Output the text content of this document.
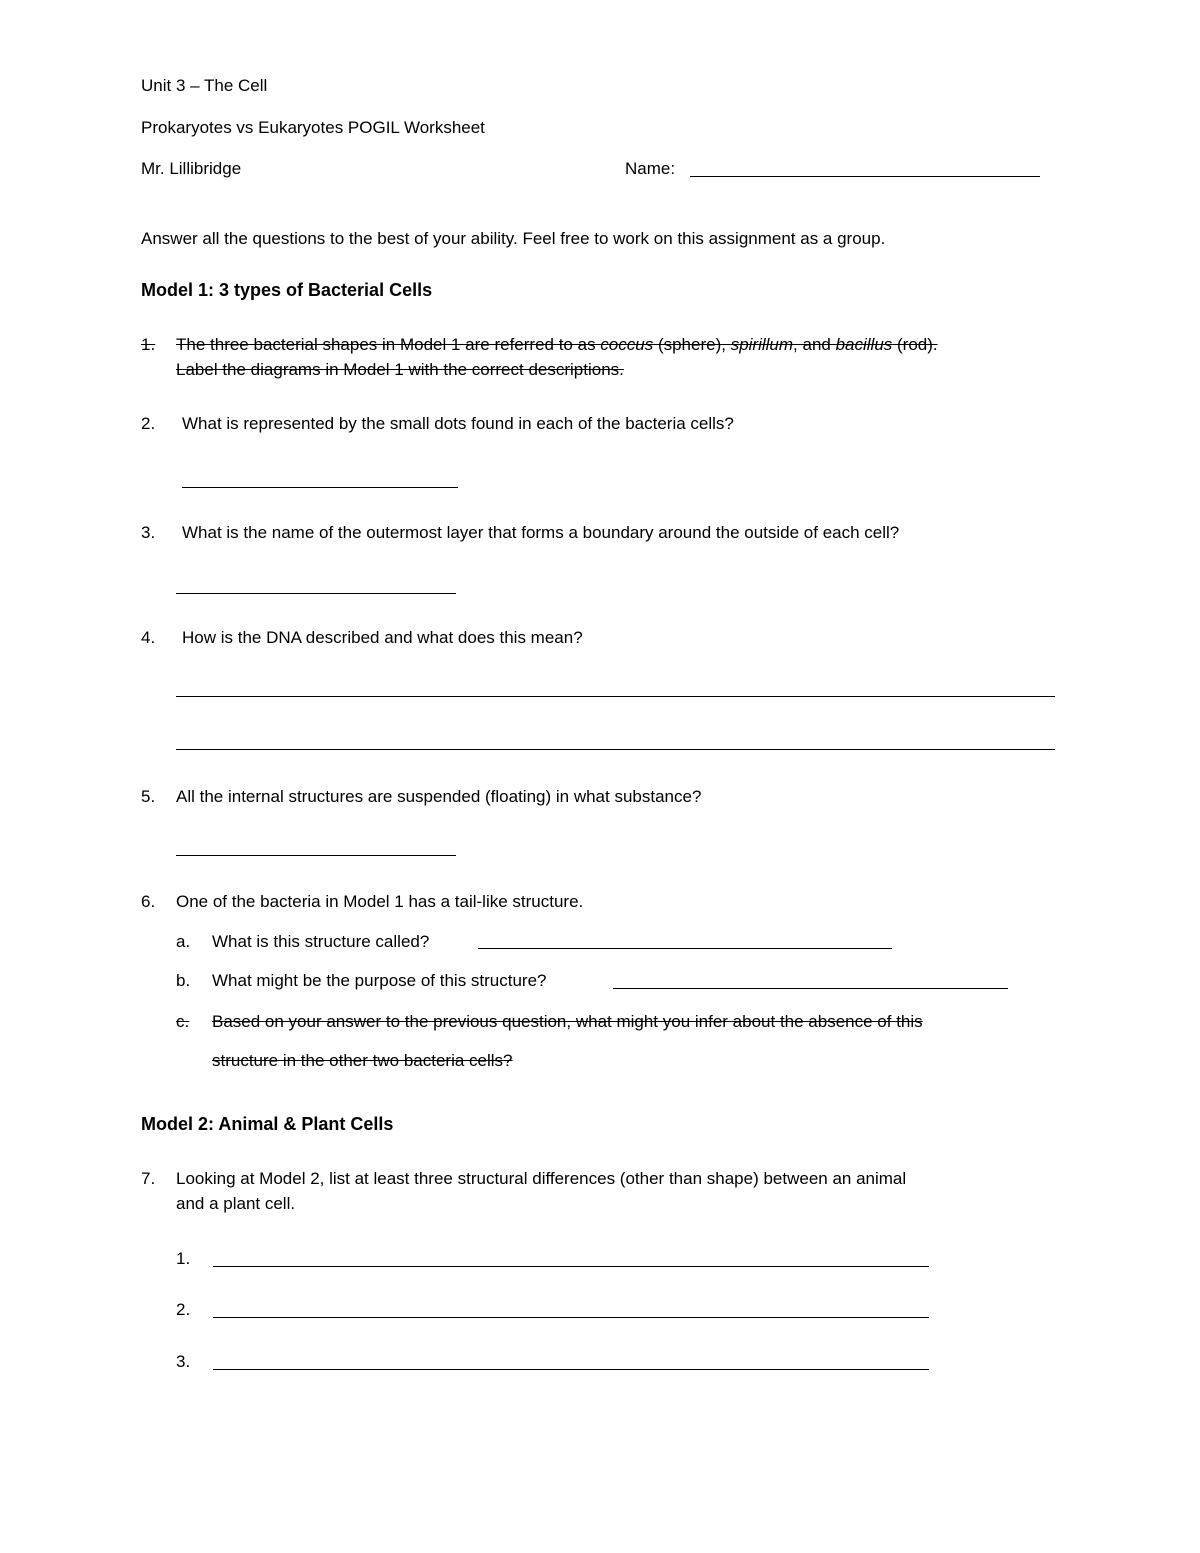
Unit 3 – The Cell
Prokaryotes vs Eukaryotes POGIL Worksheet
Mr. Lillibridge	Name:
Answer all the questions to the best of your ability. Feel free to work on this assignment as a group.
Model 1: 3 types of Bacterial Cells
1. The three bacterial shapes in Model 1 are referred to as coccus (sphere), spirillum, and bacillus (rod).
Label the diagrams in Model 1 with the correct descriptions.
2. What is represented by the small dots found in each of the bacteria cells?
3. What is the name of the outermost layer that forms a boundary around the outside of each cell?
4. How is the DNA described and what does this mean?
5. All the internal structures are suspended (floating) in what substance?
6. One of the bacteria in Model 1 has a tail-like structure.
a. What is this structure called?
b. What might be the purpose of this structure?
c. Based on your answer to the previous question, what might you infer about the absence of this
structure in the other two bacteria cells?
Model 2: Animal & Plant Cells
7. Looking at Model 2, list at least three structural differences (other than shape) between an animal
and a plant cell.
1.
2.
3.
